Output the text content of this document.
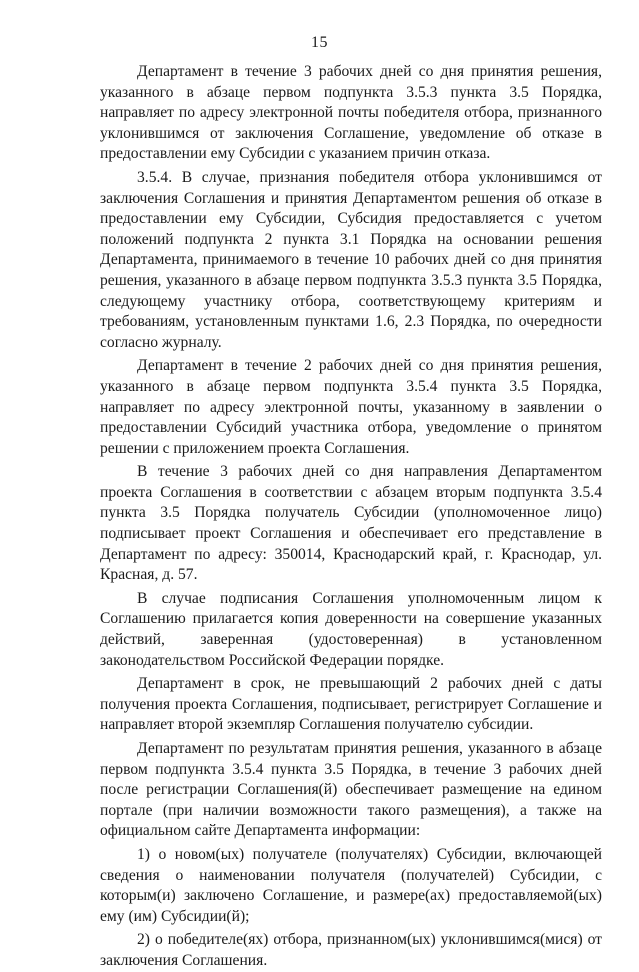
15

Департамент в течение 3 рабочих дней со дня принятия решения, указанного в абзаце первом подпункта 3.5.3 пункта 3.5 Порядка, направляет по адресу электронной почты победителя отбора, признанного уклонившимся от заключения Соглашение, уведомление об отказе в предоставлении ему Субсидии с указанием причин отказа.

3.5.4. В случае, признания победителя отбора уклонившимся от заключения Соглашения и принятия Департаментом решения об отказе в предоставлении ему Субсидии, Субсидия предоставляется с учетом положений подпункта 2 пункта 3.1 Порядка на основании решения Департамента, принимаемого в течение 10 рабочих дней со дня принятия решения, указанного в абзаце первом подпункта 3.5.3 пункта 3.5 Порядка, следующему участнику отбора, соответствующему критериям и требованиям, установленным пунктами 1.6, 2.3 Порядка, по очередности согласно журналу.

Департамент в течение 2 рабочих дней со дня принятия решения, указанного в абзаце первом подпункта 3.5.4 пункта 3.5 Порядка, направляет по адресу электронной почты, указанному в заявлении о предоставлении Субсидий участника отбора, уведомление о принятом решении с приложением проекта Соглашения.

В течение 3 рабочих дней со дня направления Департаментом проекта Соглашения в соответствии с абзацем вторым подпункта 3.5.4 пункта 3.5 Порядка получатель Субсидии (уполномоченное лицо) подписывает проект Соглашения и обеспечивает его представление в Департамент по адресу: 350014, Краснодарский край, г. Краснодар, ул. Красная, д. 57.

В случае подписания Соглашения уполномоченным лицом к Соглашению прилагается копия доверенности на совершение указанных действий, заверенная (удостоверенная) в установленном законодательством Российской Федерации порядке.

Департамент в срок, не превышающий 2 рабочих дней с даты получения проекта Соглашения, подписывает, регистрирует Соглашение и направляет второй экземпляр Соглашения получателю субсидии.

Департамент по результатам принятия решения, указанного в абзаце первом подпункта 3.5.4 пункта 3.5 Порядка, в течение 3 рабочих дней после регистрации Соглашения(й) обеспечивает размещение на едином портале (при наличии возможности такого размещения), а также на официальном сайте Департамента информации:

1) о новом(ых) получателе (получателях) Субсидии, включающей сведения о наименовании получателя (получателей) Субсидии, с которым(и) заключено Соглашение, и размере(ах) предоставляемой(ых) ему (им) Субсидии(й);

2) о победителе(ях) отбора, признанном(ых) уклонившимся(мися) от заключения Соглашения.
